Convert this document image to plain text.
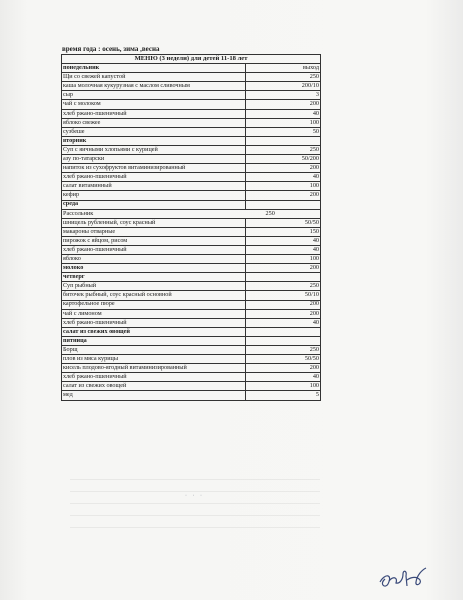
время года : осень, зима ,весна
МЕНЮ (3 недели) для детей 11-18 лет	
понедельник	выход
Щи со свежей капустой	250
каша молочная кукурузная с маслом сливочным	200/10
сыр	3
чай с молоком	200
хлеб ржано-пшеничный	40
яблоко свежее	100
сузбеше	50
вторник	
Суп с яичными хлопьями с курицей	250
азу по-татарски	50/200
напиток из сухофруктов витаминизированный	200
хлеб ржано-пшеничный	40
салат витаминный	100
кефир	200
среда	
Рассольник	250
шницель рубленный, соус красный	50/50
макароны отварные	150
пирожок с яйцом, рисом	40
хлеб ржано-пшеничный	40
яблоко	100
молоко	200
четверг	
Суп рыбный	250
биточек рыбный, соус красный основной	50/10
картофельное пюре	200
чай с лимоном	200
хлеб ржано-пшеничный	40
салат из свежих овощей	
пятница	
Борщ	250
плов из мяса курицы	50/50
кисель плодово-ягодный витаминизированный	200
хлеб ржано-пшеничный	40
салат из свежих овощей	100
мед	5
· · ·
